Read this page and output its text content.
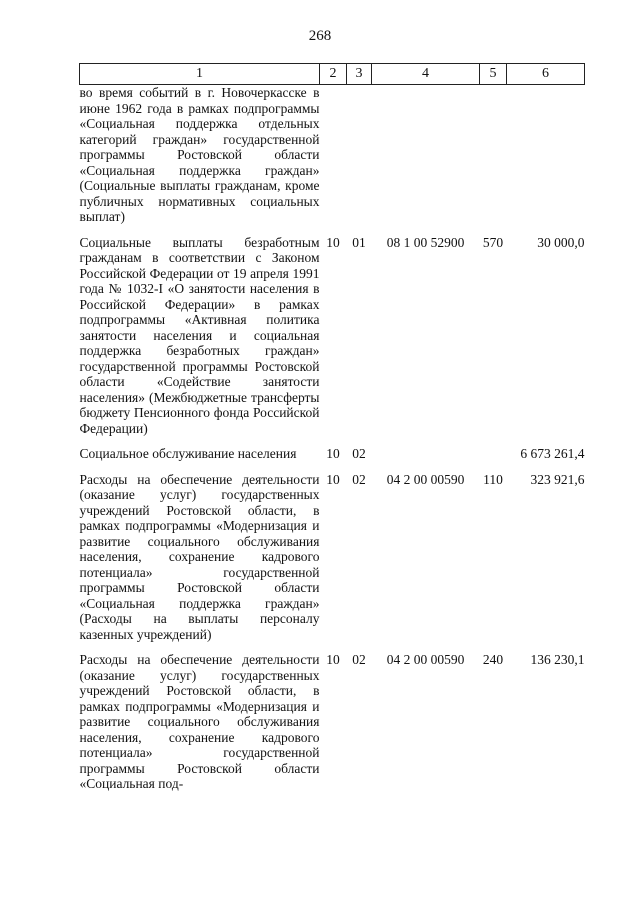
268
1	2	3	4	5	6

во время событий в г. Новочеркасске в июне 1962 года в рамках подпрограммы «Социальная поддержка отдельных категорий граждан» государственной программы Ростовской области «Социальная поддержка граждан» (Социальные выплаты гражданам, кроме публичных нормативных социальных выплат)					

Социальные выплаты безработным гражданам в соответствии с Законом Российской Федерации от 19 апреля 1991 года № 1032-I «О занятости населения в Российской Федерации» в рамках подпрограммы «Активная политика занятости населения и социальная поддержка безработных граждан» государственной программы Ростовской области «Содействие занятости населения» (Межбюджетные трансферты бюджету Пенсионного фонда Российской Федерации)	10	01	08 1 00 52900	570	30 000,0

Социальное обслуживание населения	10	02			6 673 261,4

Расходы на обеспечение деятельности (оказание услуг) государственных учреждений Ростовской области, в рамках подпрограммы «Модернизация и развитие социального обслуживания населения, сохранение кадрового потенциала» государственной программы Ростовской области «Социальная поддержка граждан» (Расходы на выплаты персоналу казенных учреждений)	10	02	04 2 00 00590	110	323 921,6

Расходы на обеспечение деятельности (оказание услуг) государственных учреждений Ростовской области, в рамках подпрограммы «Модернизация и развитие социального обслуживания населения, сохранение кадрового потенциала» государственной программы Ростовской области «Социальная под-	10	02	04 2 00 00590	240	136 230,1
